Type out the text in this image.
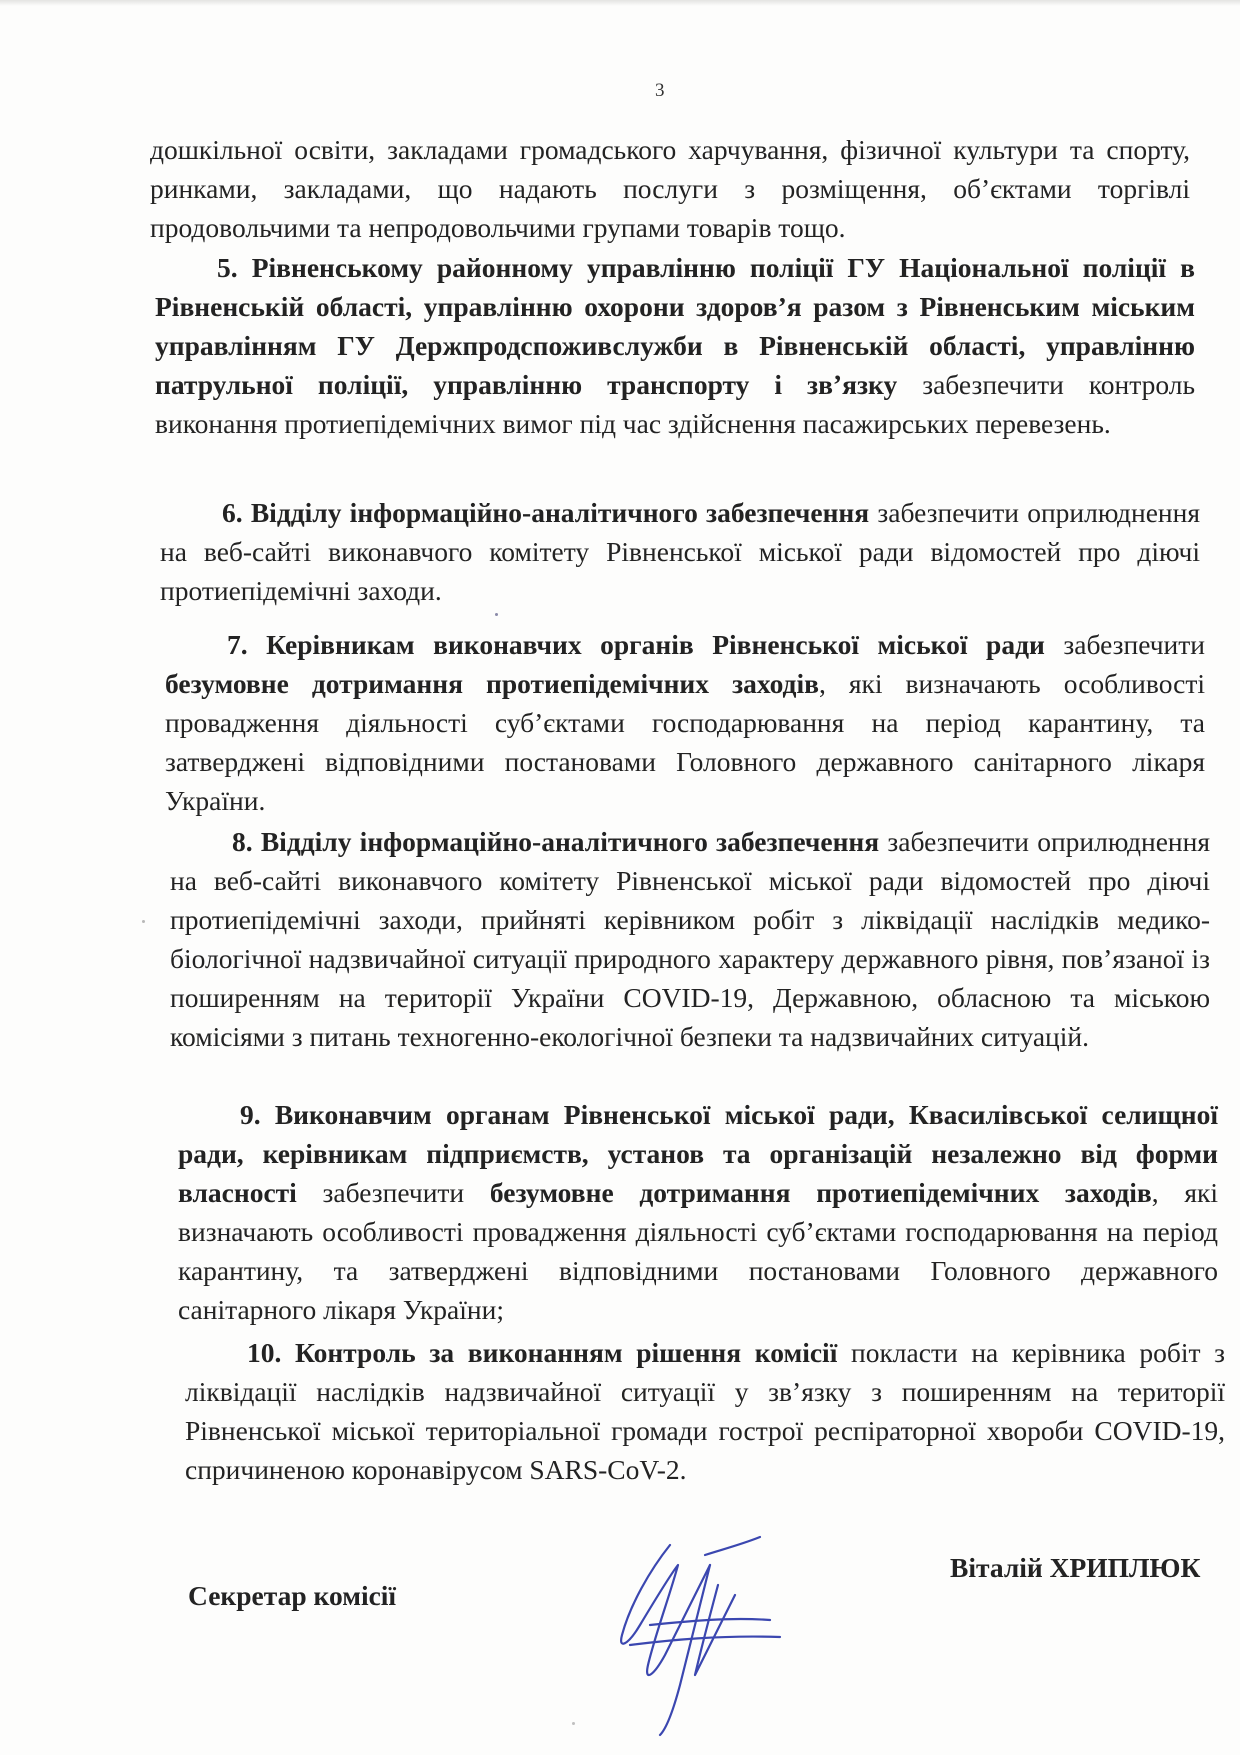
3

дошкільної освіти, закладами громадського харчування, фізичної культури та спорту, ринками, закладами, що надають послуги з розміщення, об’єктами торгівлі продовольчими та непродовольчими групами товарів тощо.

5. Рівненському районному управлінню поліції ГУ Національної поліції в Рівненській області, управлінню охорони здоров’я разом з Рівненським міським управлінням ГУ Держпродспоживслужби в Рівненській області, управлінню патрульної поліції, управлінню транспорту і звʼязку забезпечити контроль виконання протиепідемічних вимог під час здійснення пасажирських перевезень.

6. Відділу інформаційно-аналітичного забезпечення забезпечити оприлюднення на веб-сайті виконавчого комітету Рівненської міської ради відомостей про діючі протиепідемічні заходи.

7. Керівникам виконавчих органів Рівненської міської ради забезпечити безумовне дотримання протиепідемічних заходів, які визначають особливості провадження діяльності суб’єктами господарювання на період карантину, та затверджені відповідними постановами Головного державного санітарного лікаря України.

8. Відділу інформаційно-аналітичного забезпечення забезпечити оприлюднення на веб-сайті виконавчого комітету Рівненської міської ради відомостей про діючі протиепідемічні заходи, прийняті керівником робіт з ліквідації наслідків медико-біологічної надзвичайної ситуації природного характеру державного рівня, пов’язаної із поширенням на території України COVID-19, Державною, обласною та міською комісіями з питань техногенно-екологічної безпеки та надзвичайних ситуацій.

9. Виконавчим органам Рівненської міської ради, Квасилівської селищної ради, керівникам підприємств, установ та організацій незалежно від форми власності забезпечити безумовне дотримання протиепідемічних заходів, які визначають особливості провадження діяльності суб’єктами господарювання на період карантину, та затверджені відповідними постановами Головного державного санітарного лікаря України;

10. Контроль за виконанням рішення комісії покласти на керівника робіт з ліквідації наслідків надзвичайної ситуації у зв’язку з поширенням на території Рівненської міської територіальної громади гострої респіраторної хвороби COVID-19, спричиненою коронавірусом SARS-CoV-2.

Секретар комісії
Віталій ХРИПЛЮК
